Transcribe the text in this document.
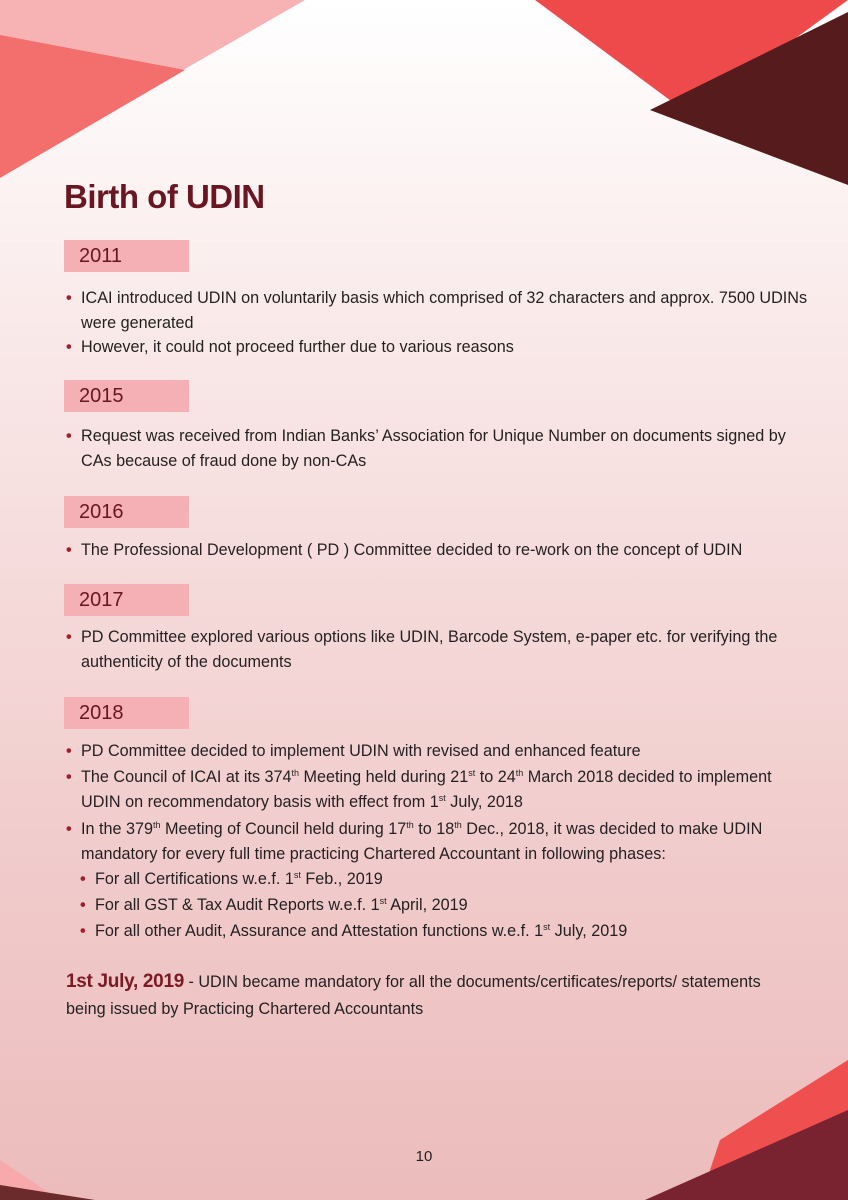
Birth of UDIN
2011

• ICAI introduced UDIN on voluntarily basis which comprised of 32 characters and approx. 7500 UDINs were generated

• However, it could not proceed further due to various reasons

2015

• Request was received from Indian Banks’ Association for Unique Number on documents signed by CAs because of fraud done by non-CAs

2016

• The Professional Development ( PD ) Committee decided to re-work on the concept of UDIN

2017

• PD Committee explored various options like UDIN, Barcode System, e-paper etc. for verifying the authenticity of the documents

2018

• PD Committee decided to implement UDIN with revised and enhanced feature

• The Council of ICAI at its 374th Meeting held during 21st to 24th March 2018 decided to implement UDIN on recommendatory basis with effect from 1st July, 2018

• In the 379th Meeting of Council held during 17th to 18th Dec., 2018, it was decided to make UDIN mandatory for every full time practicing Chartered Accountant in following phases:

• For all Certifications w.e.f. 1st Feb., 2019

• For all GST & Tax Audit Reports w.e.f. 1st April, 2019

• For all other Audit, Assurance and Attestation functions w.e.f. 1st July, 2019

1st July, 2019 - UDIN became mandatory for all the documents/certificates/reports/ statements being issued by Practicing Chartered Accountants

10
